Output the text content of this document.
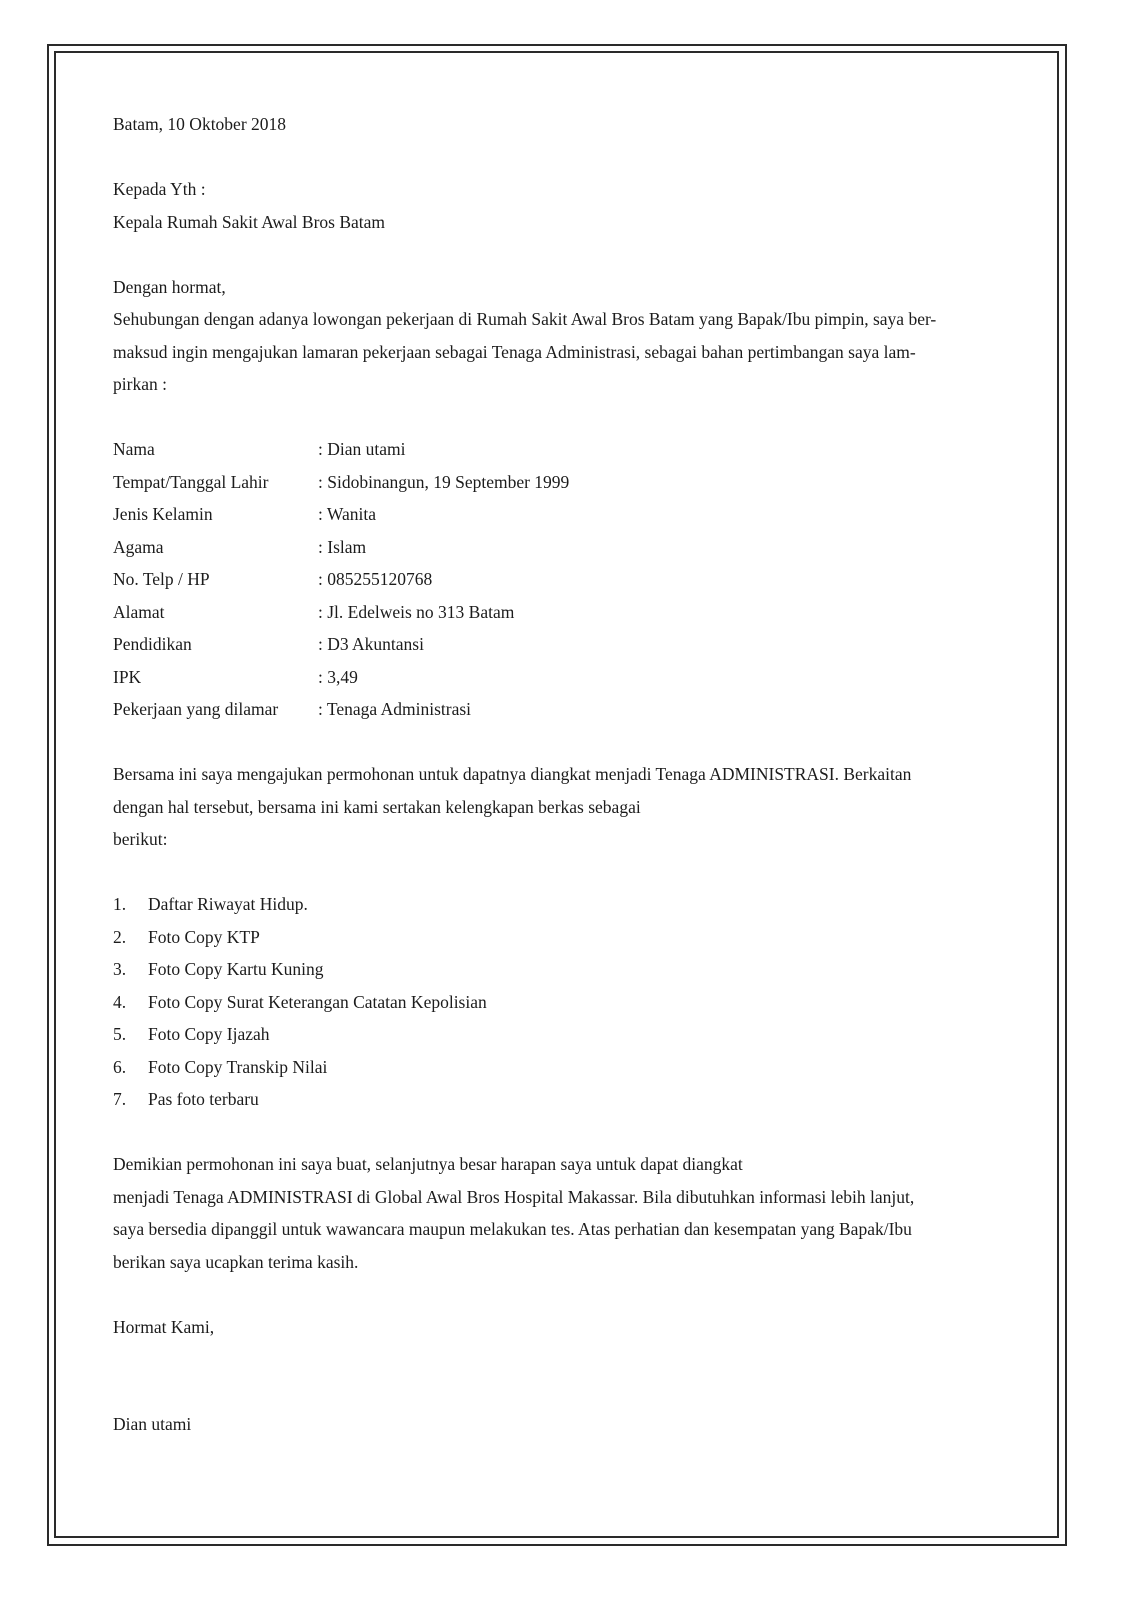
Batam, 10 Oktober 2018
Kepada Yth :
Kepala Rumah Sakit Awal Bros Batam
Dengan hormat,
Sehubungan dengan adanya lowongan pekerjaan di Rumah Sakit Awal Bros Batam yang Bapak/Ibu pimpin, saya ber-
maksud ingin mengajukan lamaran pekerjaan sebagai Tenaga Administrasi, sebagai bahan pertimbangan saya lam-
pirkan :
Nama	: Dian utami
Tempat/Tanggal Lahir	: Sidobinangun, 19 September 1999
Jenis Kelamin	: Wanita
Agama	: Islam
No. Telp / HP	: 085255120768
Alamat	: Jl. Edelweis no 313 Batam
Pendidikan	: D3 Akuntansi
IPK	: 3,49
Pekerjaan yang dilamar	: Tenaga Administrasi
Bersama ini saya mengajukan permohonan untuk dapatnya diangkat menjadi Tenaga ADMINISTRASI. Berkaitan
dengan hal tersebut, bersama ini kami sertakan kelengkapan berkas sebagai
berikut:
1.	Daftar Riwayat Hidup.
2.	Foto Copy KTP
3.	Foto Copy Kartu Kuning
4.	Foto Copy Surat Keterangan Catatan Kepolisian
5.	Foto Copy Ijazah
6.	Foto Copy Transkip Nilai
7.	Pas foto terbaru
Demikian permohonan ini saya buat, selanjutnya besar harapan saya untuk dapat diangkat
menjadi Tenaga ADMINISTRASI di Global Awal Bros Hospital Makassar. Bila dibutuhkan informasi lebih lanjut,
saya bersedia dipanggil untuk wawancara maupun melakukan tes. Atas perhatian dan kesempatan yang Bapak/Ibu
berikan saya ucapkan terima kasih.
Hormat Kami,
Dian utami
